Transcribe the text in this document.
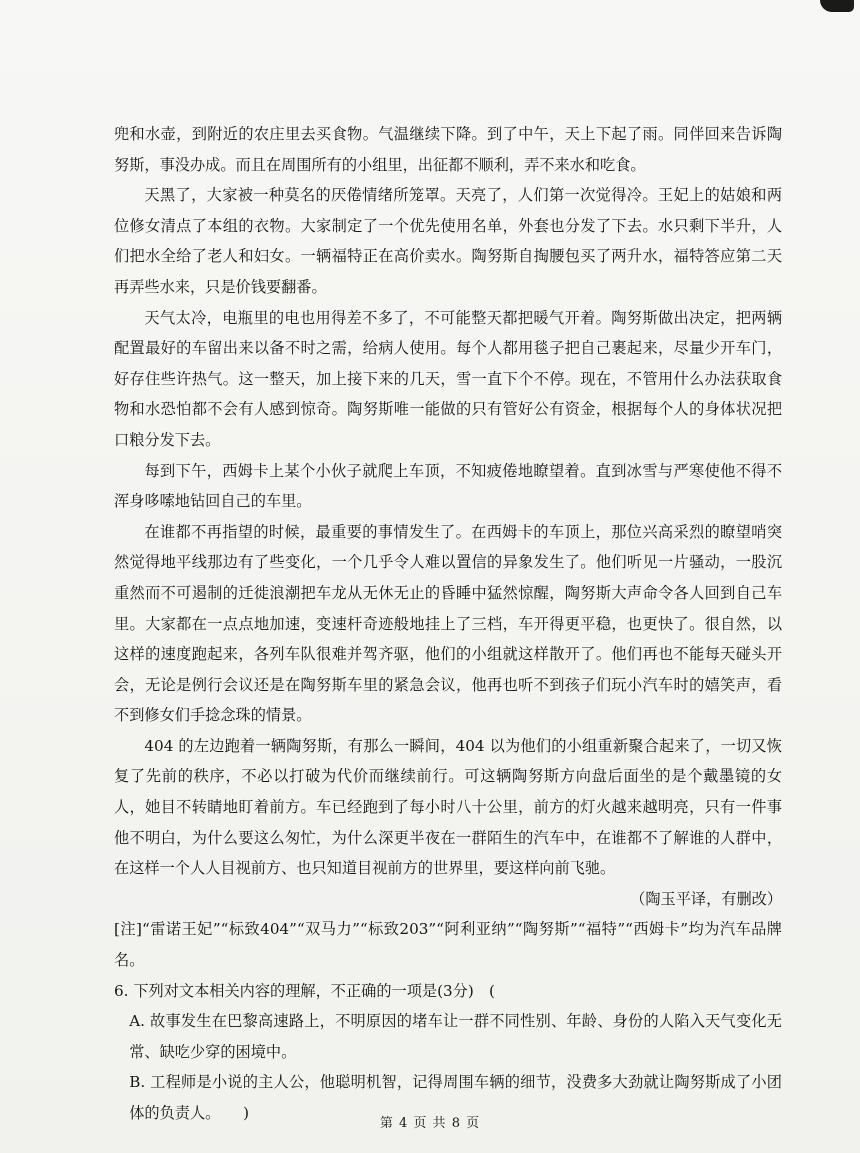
兜和水壶，到附近的农庄里去买食物。气温继续下降。到了中午，天上下起了雨。同伴回来告诉陶努斯，事没办成。而且在周围所有的小组里，出征都不顺利，弄不来水和吃食。

天黑了，大家被一种莫名的厌倦情绪所笼罩。天亮了，人们第一次觉得冷。王妃上的姑娘和两位修女清点了本组的衣物。大家制定了一个优先使用名单，外套也分发了下去。水只剩下半升，人们把水全给了老人和妇女。一辆福特正在高价卖水。陶努斯自掏腰包买了两升水，福特答应第二天再弄些水来，只是价钱要翻番。

天气太冷，电瓶里的电也用得差不多了，不可能整天都把暖气开着。陶努斯做出决定，把两辆配置最好的车留出来以备不时之需，给病人使用。每个人都用毯子把自己裹起来，尽量少开车门，好存住些许热气。这一整天，加上接下来的几天，雪一直下个不停。现在，不管用什么办法获取食物和水恐怕都不会有人感到惊奇。陶努斯唯一能做的只有管好公有资金，根据每个人的身体状况把口粮分发下去。

每到下午，西姆卡上某个小伙子就爬上车顶，不知疲倦地瞭望着。直到冰雪与严寒使他不得不浑身哆嗦地钻回自己的车里。

在谁都不再指望的时候，最重要的事情发生了。在西姆卡的车顶上，那位兴高采烈的瞭望哨突然觉得地平线那边有了些变化，一个几乎令人难以置信的异象发生了。他们听见一片骚动，一股沉重然而不可遏制的迁徙浪潮把车龙从无休无止的昏睡中猛然惊醒，陶努斯大声命令各人回到自己车里。大家都在一点点地加速，变速杆奇迹般地挂上了三档，车开得更平稳，也更快了。很自然，以这样的速度跑起来，各列车队很难并驾齐驱，他们的小组就这样散开了。他们再也不能每天碰头开会，无论是例行会议还是在陶努斯车里的紧急会议，他再也听不到孩子们玩小汽车时的嬉笑声，看不到修女们手捻念珠的情景。

404 的左边跑着一辆陶努斯，有那么一瞬间，404 以为他们的小组重新聚合起来了，一切又恢复了先前的秩序，不必以打破为代价而继续前行。可这辆陶努斯方向盘后面坐的是个戴墨镜的女人，她目不转睛地盯着前方。车已经跑到了每小时八十公里，前方的灯火越来越明亮，只有一件事他不明白，为什么要这么匆忙，为什么深更半夜在一群陌生的汽车中，在谁都不了解谁的人群中，在这样一个人人目视前方、也只知道目视前方的世界里，要这样向前飞驰。

（陶玉平译，有删改）

[注]“雷诺王妃”“标致404”“双马力”“标致203”“阿利亚纳”“陶努斯”“福特”“西姆卡”均为汽车品牌名。

6. 下列对文本相关内容的理解，不正确的一项是(3分)　(

A. 故事发生在巴黎高速路上，不明原因的堵车让一群不同性别、年龄、身份的人陷入天气变化无常、缺吃少穿的困境中。

B. 工程师是小说的主人公，他聪明机智，记得周围车辆的细节，没费多大劲就让陶努斯成了小团体的负责人。　　)

第 4 页 共 8 页
